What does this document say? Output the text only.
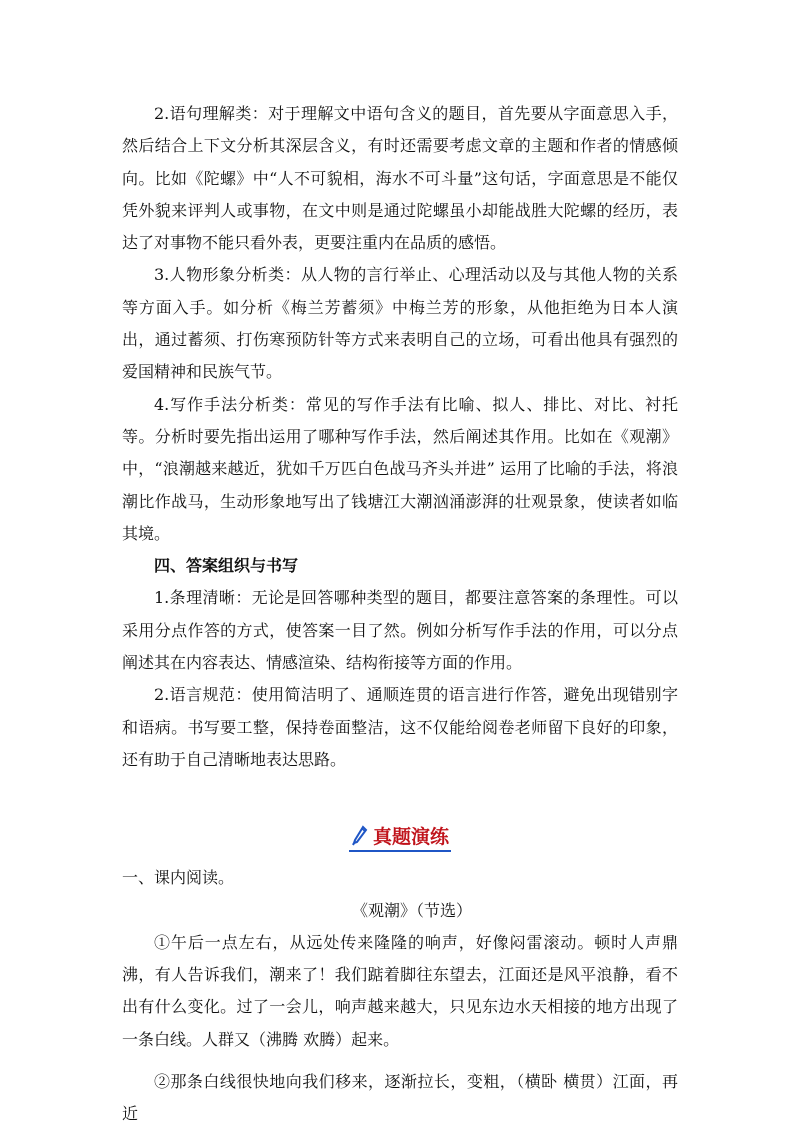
2.语句理解类：对于理解文中语句含义的题目，首先要从字面意思入手，然后结合上下文分析其深层含义，有时还需要考虑文章的主题和作者的情感倾向。比如《陀螺》中“人不可貌相，海水不可斗量”这句话，字面意思是不能仅凭外貌来评判人或事物，在文中则是通过陀螺虽小却能战胜大陀螺的经历，表达了对事物不能只看外表，更要注重内在品质的感悟。

3.人物形象分析类：从人物的言行举止、心理活动以及与其他人物的关系等方面入手。如分析《梅兰芳蓄须》中梅兰芳的形象，从他拒绝为日本人演出，通过蓄须、打伤寒预防针等方式来表明自己的立场，可看出他具有强烈的爱国精神和民族气节。

4.写作手法分析类：常见的写作手法有比喻、拟人、排比、对比、衬托等。分析时要先指出运用了哪种写作手法，然后阐述其作用。比如在《观潮》中，“浪潮越来越近，犹如千万匹白色战马齐头并进” 运用了比喻的手法，将浪潮比作战马，生动形象地写出了钱塘江大潮汹涌澎湃的壮观景象，使读者如临其境。

四、答案组织与书写

1.条理清晰：无论是回答哪种类型的题目，都要注意答案的条理性。可以采用分点作答的方式，使答案一目了然。例如分析写作手法的作用，可以分点阐述其在内容表达、情感渲染、结构衔接等方面的作用。

2.语言规范：使用简洁明了、通顺连贯的语言进行作答，避免出现错别字和语病。书写要工整，保持卷面整洁，这不仅能给阅卷老师留下良好的印象，还有助于自己清晰地表达思路。

真题演练

一、课内阅读。

《观潮》（节选）

①午后一点左右，从远处传来隆隆的响声，好像闷雷滚动。顿时人声鼎沸，有人告诉我们，潮来了！我们踮着脚往东望去，江面还是风平浪静，看不出有什么变化。过了一会儿，响声越来越大，只见东边水天相接的地方出现了一条白线。人群又（沸腾 欢腾）起来。

②那条白线很快地向我们移来，逐渐拉长，变粗，（横卧 横贯）江面，再近
